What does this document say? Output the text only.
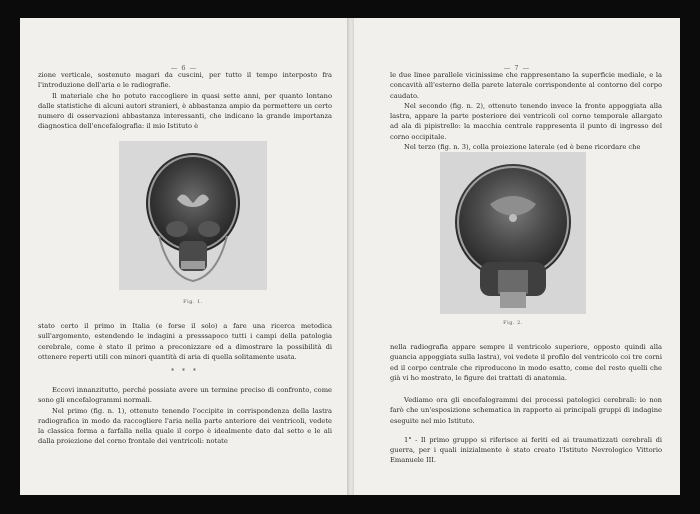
— 6 —

zione verticale, sostenuto magari da cuscini, per tutto il tempo interposto fra l'introduzione dell'aria e le radiografie.

Il materiale che ho potuto raccogliere in quasi sette anni, per quanto lontano dalle statistiche di alcuni autori stranieri, è abbastanza ampio da permettere un certo numero di osservazioni abbastanza interessanti, che indicano la grande importanza diagnostica dell'encefalografia: il mio Istituto è

Fig. 1.

stato certo il primo in Italia (e forse il solo) a fare una ricerca metodica sull'argomento, estendendo le indagini a presssapoco tutti i campi della patologia cerebrale, come è stato il primo a preconizzare ed a dimostrare la possibilità di ottenere reperti utili con minori quantità di aria di quella solitamente usata.

* * *

Eccovi innanzitutto, perché possiate avere un termine preciso di confronto, come sono gli encefalogrammi normali.

Nel primo (fig. n. 1), ottenuto tenendo l'occipite in corrispondenza della lastra radiografica in modo da raccogliere l'aria nella parte anteriore dei ventricoli, vedete la classica forma a farfalla nella quale il corpo è idealmente dato dal setto e le ali dalla proiezione del corno frontale dei ventricoli: notate

— 7 —

le due linee parallele vicinissime che rappresentano la superficie mediale, e la concavità all'esterno della parete laterale corrispondente al contorno del corpo caudato.

Nel secondo (fig. n. 2), ottenuto tenendo invece la fronte appoggiata alla lastra, appare la parte posteriore dei ventricoli col corno temporale allargato ad ala di pipistrello: la macchia centrale rappresenta il punto di ingresso del corno occipitale.

Nel terzo (fig. n. 3), colla proiezione laterale (ed è bene ricordare che

Fig. 2.

nella radiografia appare sempre il ventricolo superiore, opposto quindi alla guancia appoggiata sulla lastra), voi vedete il profilo del ventricolo coi tre corni ed il corpo centrale che riproducono in modo esatto, come del resto quelli che già vi ho mostrato, le figure dei trattati di anatomia.

Vediamo ora gli encefalogrammi dei processi patologici cerebrali: io non farò che un'esposizione schematica in rapporto ai principali gruppi di indagine eseguite nel mio Istituto.

1° - Il primo gruppo si riferisce ai feriti ed ai traumatizzati cerebrali di guerra, per i quali inizialmente è stato creato l'Istituto Nevrologico Vittorio Emanuele III.
